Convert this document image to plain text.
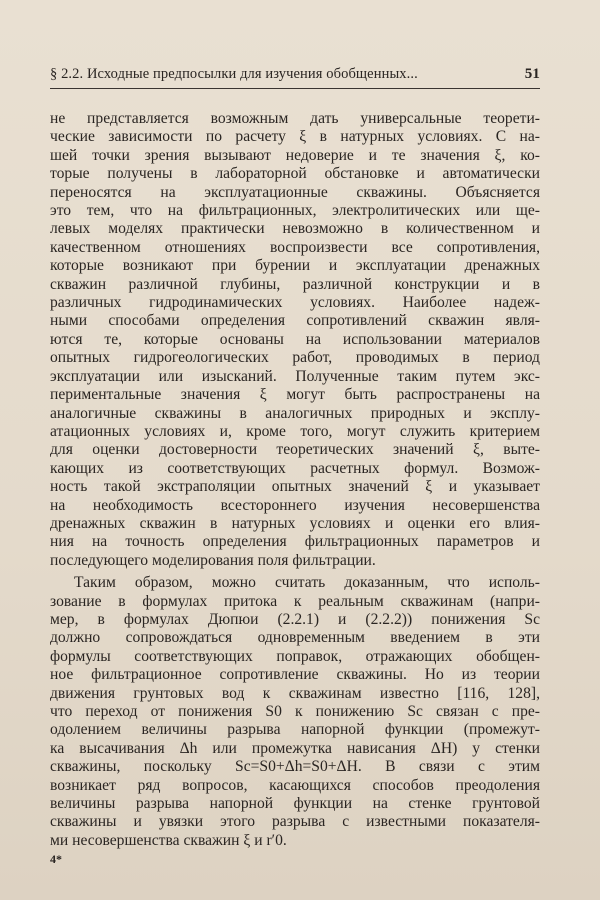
§ 2.2. Исходные предпосылки для изучения обобщенных...	51
не представляется возможным дать универсальные теорети-
ческие зависимости по расчету ξ в натурных условиях. С на-
шей точки зрения вызывают недоверие и те значения ξ, ко-
торые получены в лабораторной обстановке и автоматически
переносятся на эксплуатационные скважины. Объясняется
это тем, что на фильтрационных, электролитических или ще-
левых моделях практически невозможно в количественном и
качественном отношениях воспроизвести все сопротивления,
которые возникают при бурении и эксплуатации дренажных
скважин различной глубины, различной конструкции и в
различных гидродинамических условиях. Наиболее надеж-
ными способами определения сопротивлений скважин явля-
ются те, которые основаны на использовании материалов
опытных гидрогеологических работ, проводимых в период
эксплуатации или изысканий. Полученные таким путем экс-
периментальные значения ξ могут быть распространены на
аналогичные скважины в аналогичных природных и эксплу-
атационных условиях и, кроме того, могут служить критерием
для оценки достоверности теоретических значений ξ, выте-
кающих из соответствующих расчетных формул. Возмож-
ность такой экстраполяции опытных значений ξ и указывает
на необходимость всестороннего изучения несовершенства
дренажных скважин в натурных условиях и оценки его влия-
ния на точность определения фильтрационных параметров и
последующего моделирования поля фильтрации.
Таким образом, можно считать доказанным, что исполь-
зование в формулах притока к реальным скважинам (напри-
мер, в формулах Дюпюи (2.2.1) и (2.2.2)) понижения Sc
должно сопровождаться одновременным введением в эти
формулы соответствующих поправок, отражающих обобщен-
ное фильтрационное сопротивление скважины. Но из теории
движения грунтовых вод к скважинам известно [116, 128],
что переход от понижения S0 к понижению Sc связан с пре-
одолением величины разрыва напорной функции (промежут-
ка высачивания Δh или промежутка нависания ΔH) у стенки
скважины, поскольку Sc=S0+Δh=S0+ΔH. В связи с этим
возникает ряд вопросов, касающихся способов преодоления
величины разрыва напорной функции на стенке грунтовой
скважины и увязки этого разрыва с известными показателя-
ми несовершенства скважин ξ и r′0.
4*
